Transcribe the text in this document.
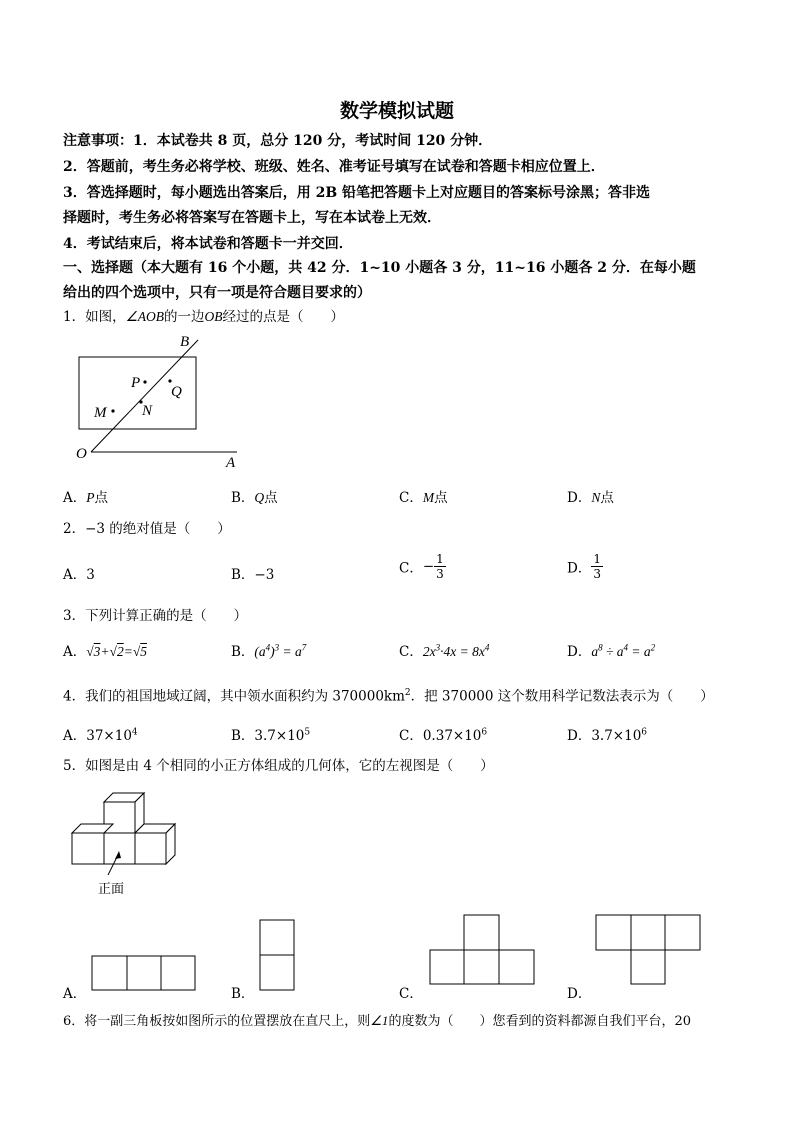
数学模拟试题
注意事项：1．本试卷共 8 页，总分 120 分，考试时间 120 分钟．
2．答题前，考生务必将学校、班级、姓名、准考证号填写在试卷和答题卡相应位置上．
3．答选择题时，每小题选出答案后，用 2B 铅笔把答题卡上对应题目的答案标号涂黑；答非选
择题时，考生务必将答案写在答题卡上，写在本试卷上无效．
4．考试结束后，将本试卷和答题卡一并交回．
一、选择题（本大题有 16 个小题，共 42 分．1~10 小题各 3 分，11~16 小题各 2 分．在每小题
给出的四个选项中，只有一项是符合题目要求的）
1．如图，∠AOB的一边OB经过的点是（　　）
B
P
Q
M N
O
A
A．P点	B．Q点	C．M点	D．N点
2．−3 的绝对值是（　　）
A．3	B．−3	C．− $\frac{1}{3}$	D． $\frac{1}{3}$
3．下列计算正确的是（　　）
A．√3+√2=√5	B．$(a^4)^3 = a^7$	C．$2x^3\cdot 4x = 8x^4$	D．$a^8 \div a^4 = a^2$
4．我们的祖国地域辽阔，其中领水面积约为 $370000km^2$．把 370000 这个数用科学记数法表示为（　　）
A．$37\times 10^4$	B．$3.7\times 10^5$	C．$0.37\times 10^6$	D．$3.7\times 10^6$
5．如图是由 4 个相同的小正方体组成的几何体，它的左视图是（　　）
正面
A．	B．	C．	D．
6．将一副三角板按如图所示的位置摆放在直尺上，则∠1的度数为（　　）您看到的资料都源自我们平台，20
